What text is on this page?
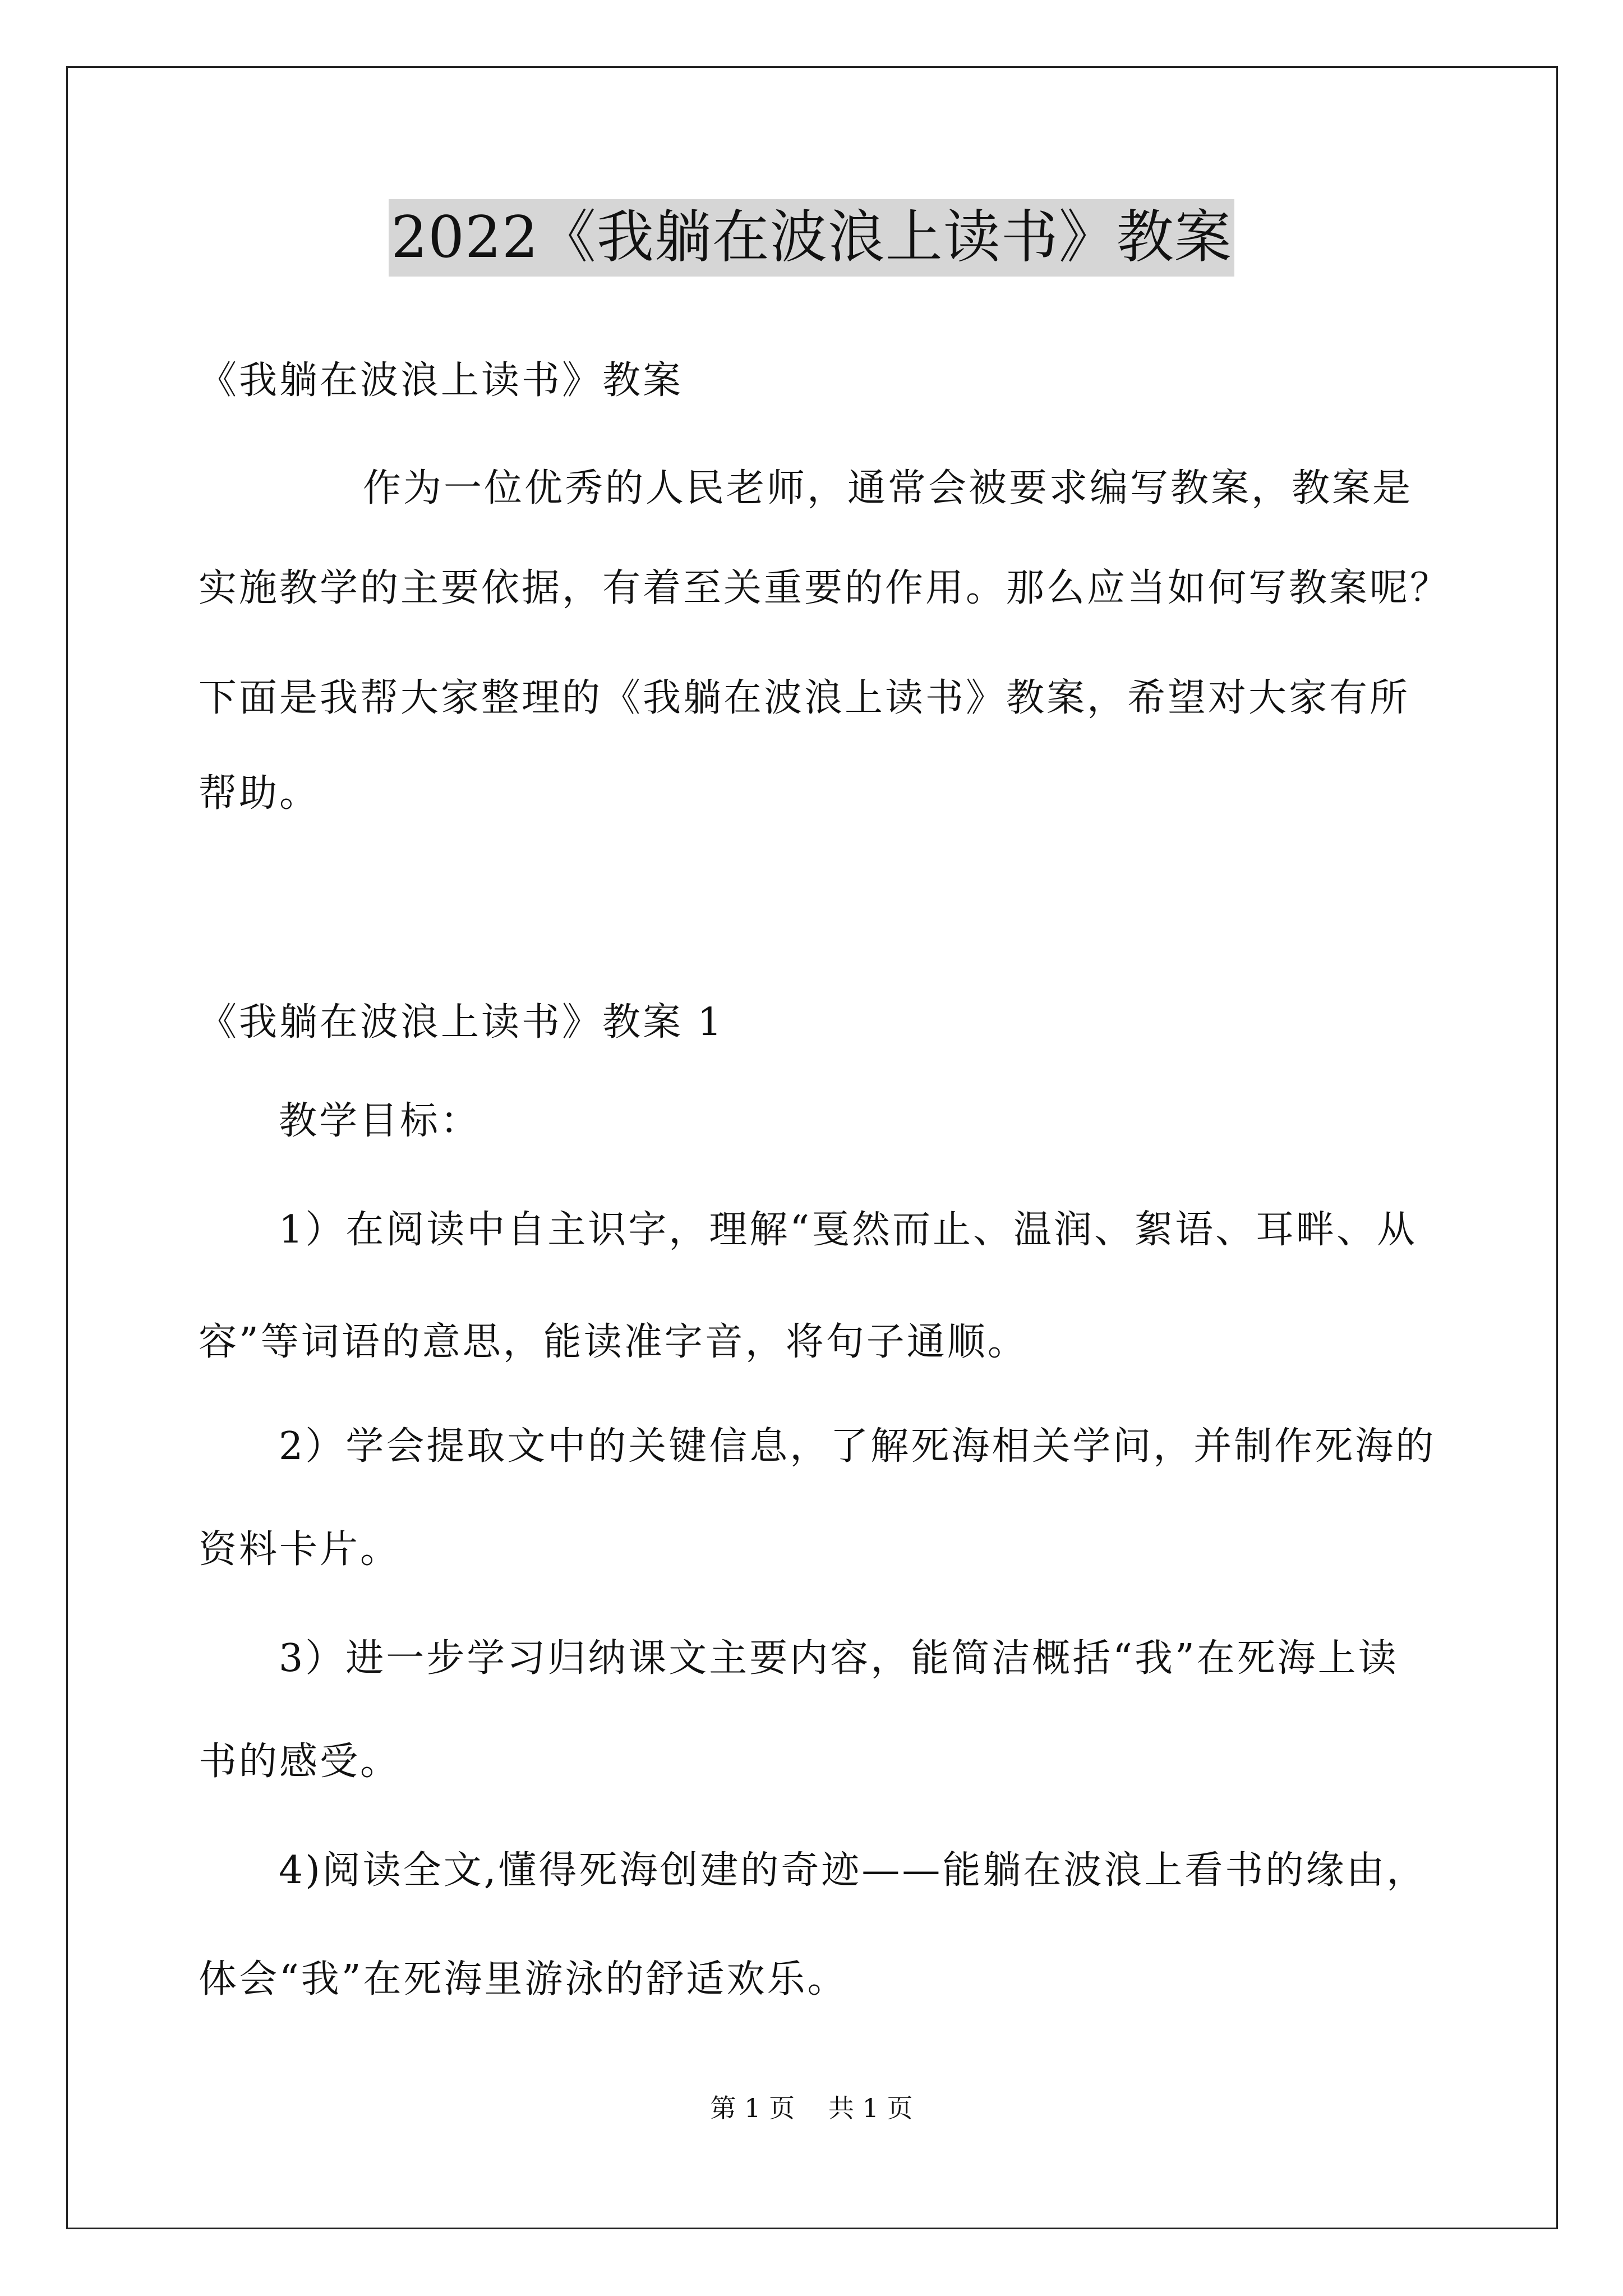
2022《我躺在波浪上读书》教案

《我躺在波浪上读书》教案

作为一位优秀的人民老师，通常会被要求编写教案，教案是

实施教学的主要依据，有着至关重要的作用。那么应当如何写教案呢？

下面是我帮大家整理的《我躺在波浪上读书》教案，希望对大家有所

帮助。

《我躺在波浪上读书》教案 1

教学目标：

1）在阅读中自主识字，理解“戛然而止、温润、絮语、耳畔、从

容”等词语的意思，能读准字音，将句子通顺。

2）学会提取文中的关键信息，了解死海相关学问，并制作死海的

资料卡片。

3）进一步学习归纳课文主要内容，能简洁概括“我”在死海上读

书的感受。

4)阅读全文,懂得死海创建的奇迹——能躺在波浪上看书的缘由，

体会“我”在死海里游泳的舒适欢乐。

第 1 页 共 1 页
